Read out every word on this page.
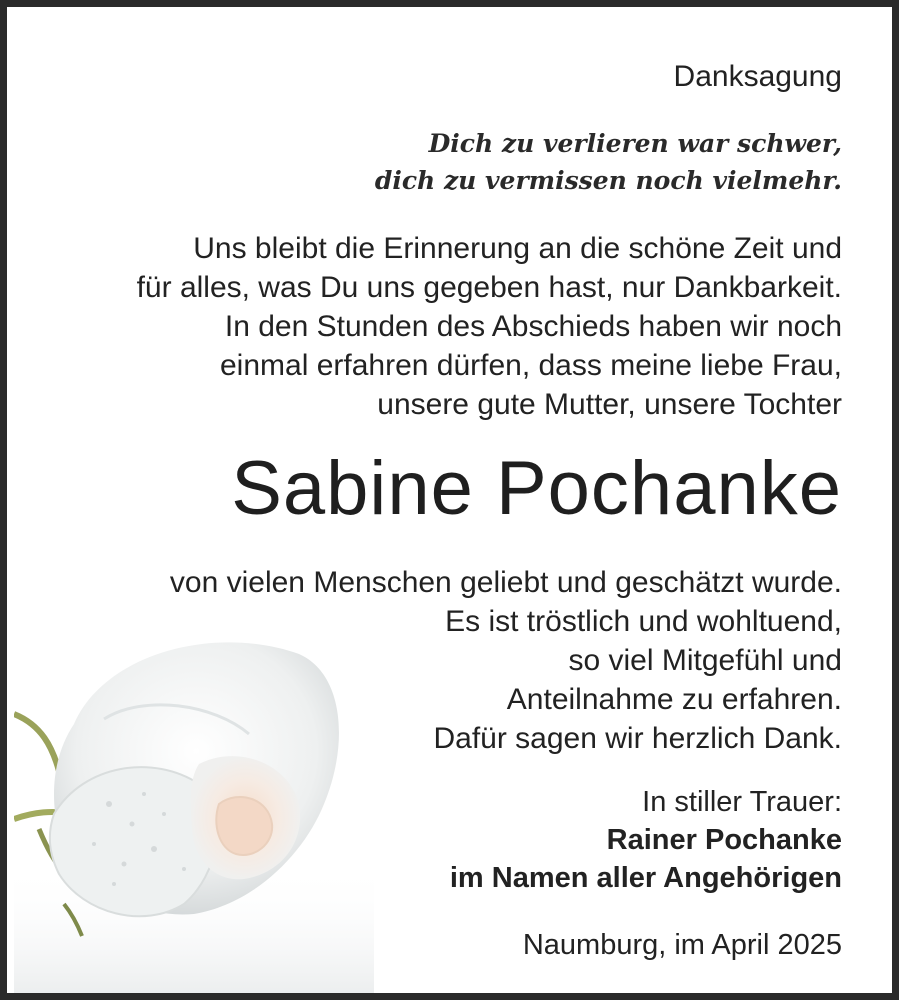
Danksagung
Dich zu verlieren war schwer,
dich zu vermissen noch vielmehr.
Uns bleibt die Erinnerung an die schöne Zeit und
für alles, was Du uns gegeben hast, nur Dankbarkeit.
In den Stunden des Abschieds haben wir noch
einmal erfahren dürfen, dass meine liebe Frau,
unsere gute Mutter, unsere Tochter
Sabine Pochanke
von vielen Menschen geliebt und geschätzt wurde.
Es ist tröstlich und wohltuend,
so viel Mitgefühl und
Anteilnahme zu erfahren.
Dafür sagen wir herzlich Dank.
In stiller Trauer:
Rainer Pochanke
im Namen aller Angehörigen
Naumburg, im April 2025
